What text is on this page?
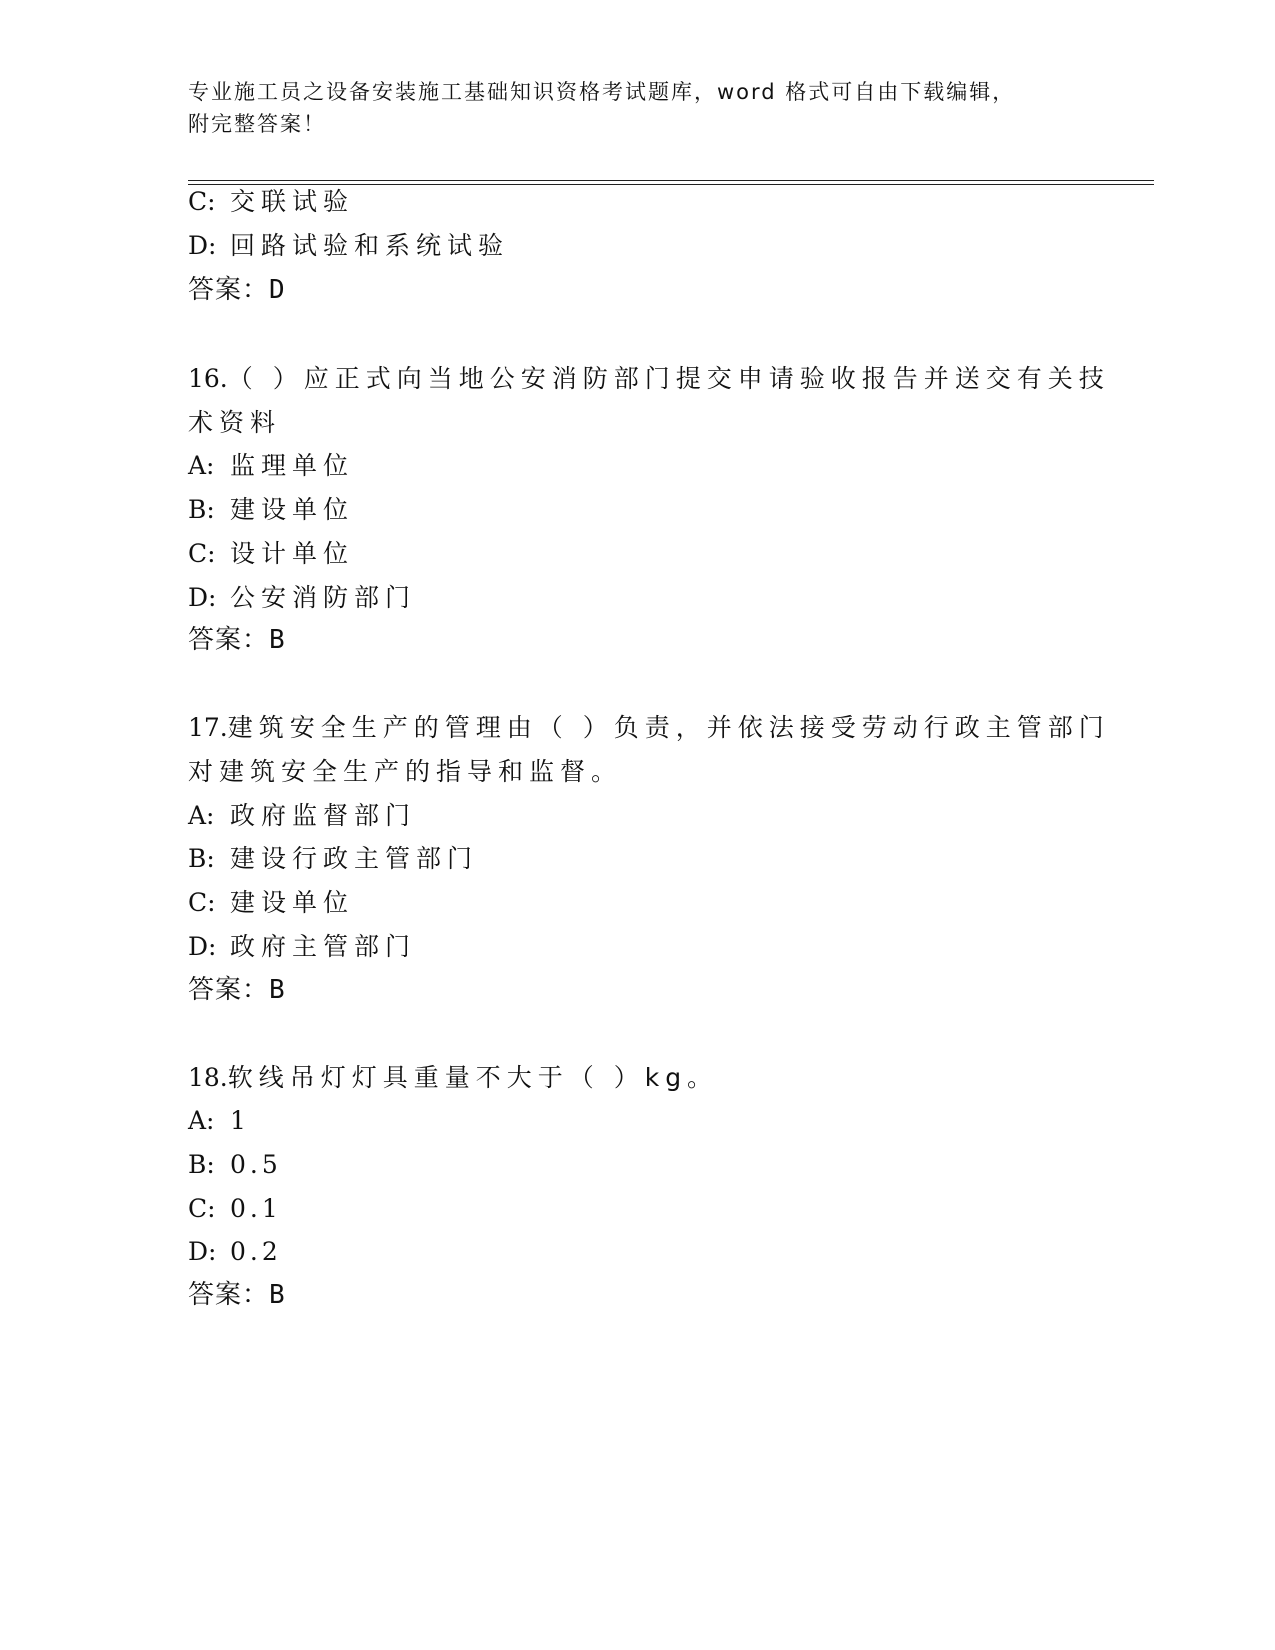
专业施工员之设备安装施工基础知识资格考试题库，word 格式可自由下载编辑，
附完整答案！
C: 交联试验
D: 回路试验和系统试验
答案：D
16.（ ）应正式向当地公安消防部门提交申请验收报告并送交有关技
术资料
A: 监理单位
B: 建设单位
C: 设计单位
D: 公安消防部门
答案：B
17.建筑安全生产的管理由（ ）负责，并依法接受劳动行政主管部门
对建筑安全生产的指导和监督。
A: 政府监督部门
B: 建设行政主管部门
C: 建设单位
D: 政府主管部门
答案：B
18.软线吊灯灯具重量不大于（ ）kg。
A: 1
B: 0.5
C: 0.1
D: 0.2
答案：B
